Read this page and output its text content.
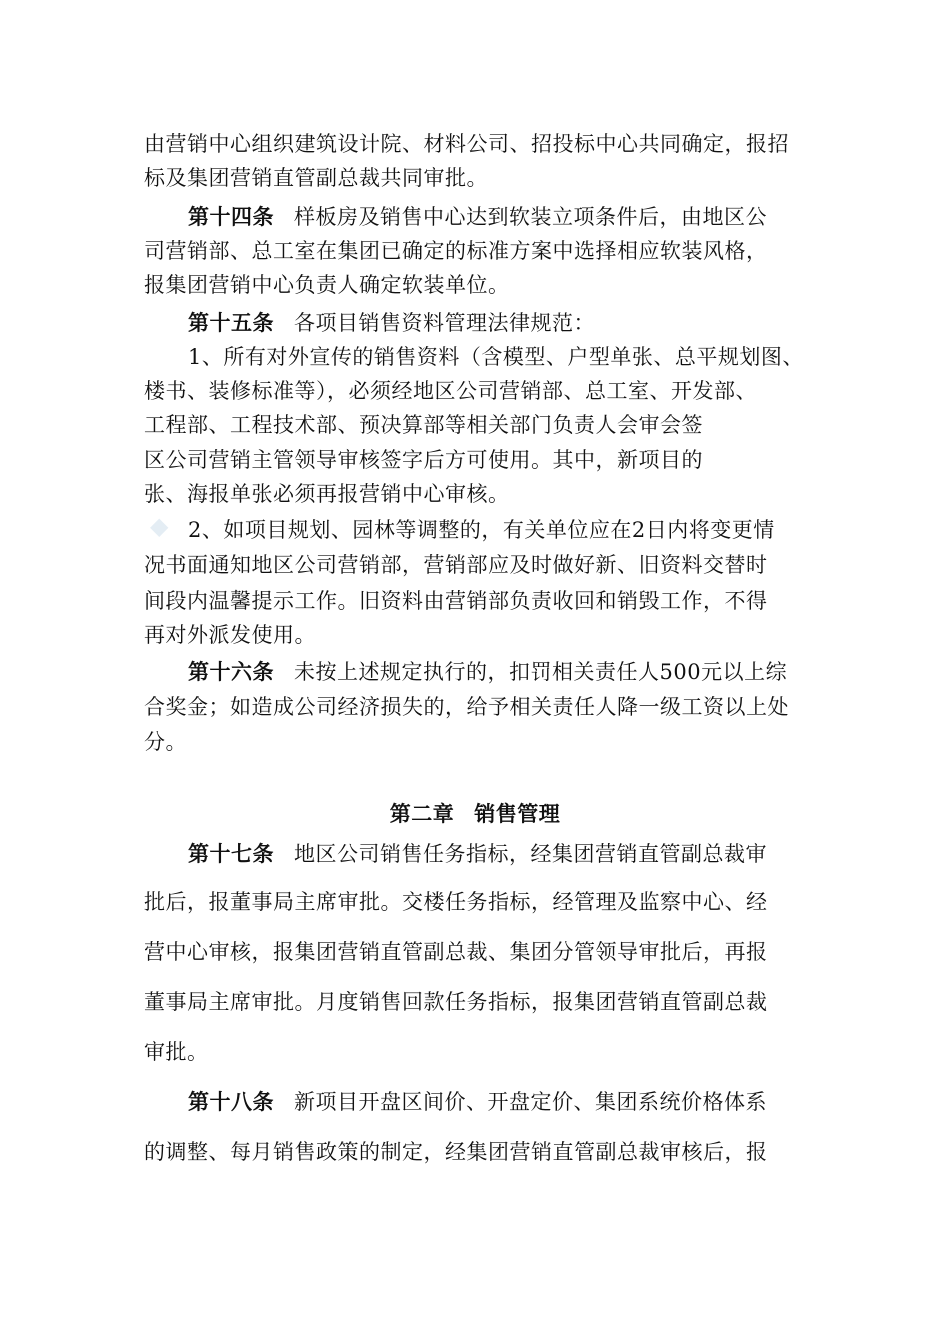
由营销中心组织建筑设计院、材料公司、招投标中心共同确定，报招
标及集团营销直管副总裁共同审批。
第十四条 样板房及销售中心达到软装立项条件后，由地区公
司营销部、总工室在集团已确定的标准方案中选择相应软装风格，
报集团营销中心负责人确定软装单位。
第十五条 各项目销售资料管理法律规范：
1、所有对外宣传的销售资料（含模型、户型单张、总平规划图、
楼书、装修标准等），必须经地区公司营销部、总工室、开发部、
工程部、工程技术部、预决算部等相关部门负责人会审会签
区公司营销主管领导审核签字后方可使用。其中，新项目的
张、海报单张必须再报营销中心审核。
◆ 2、如项目规划、园林等调整的，有关单位应在2日内将变更情
况书面通知地区公司营销部，营销部应及时做好新、旧资料交替时
间段内温馨提示工作。旧资料由营销部负责收回和销毁工作，不得
再对外派发使用。
第十六条 未按上述规定执行的，扣罚相关责任人500元以上综
合奖金；如造成公司经济损失的，给予相关责任人降一级工资以上处
分。
第二章 销售管理
第十七条 地区公司销售任务指标，经集团营销直管副总裁审
批后，报董事局主席审批。交楼任务指标，经管理及监察中心、经
营中心审核，报集团营销直管副总裁、集团分管领导审批后，再报
董事局主席审批。月度销售回款任务指标，报集团营销直管副总裁
审批。
第十八条 新项目开盘区间价、开盘定价、集团系统价格体系
的调整、每月销售政策的制定，经集团营销直管副总裁审核后，报
